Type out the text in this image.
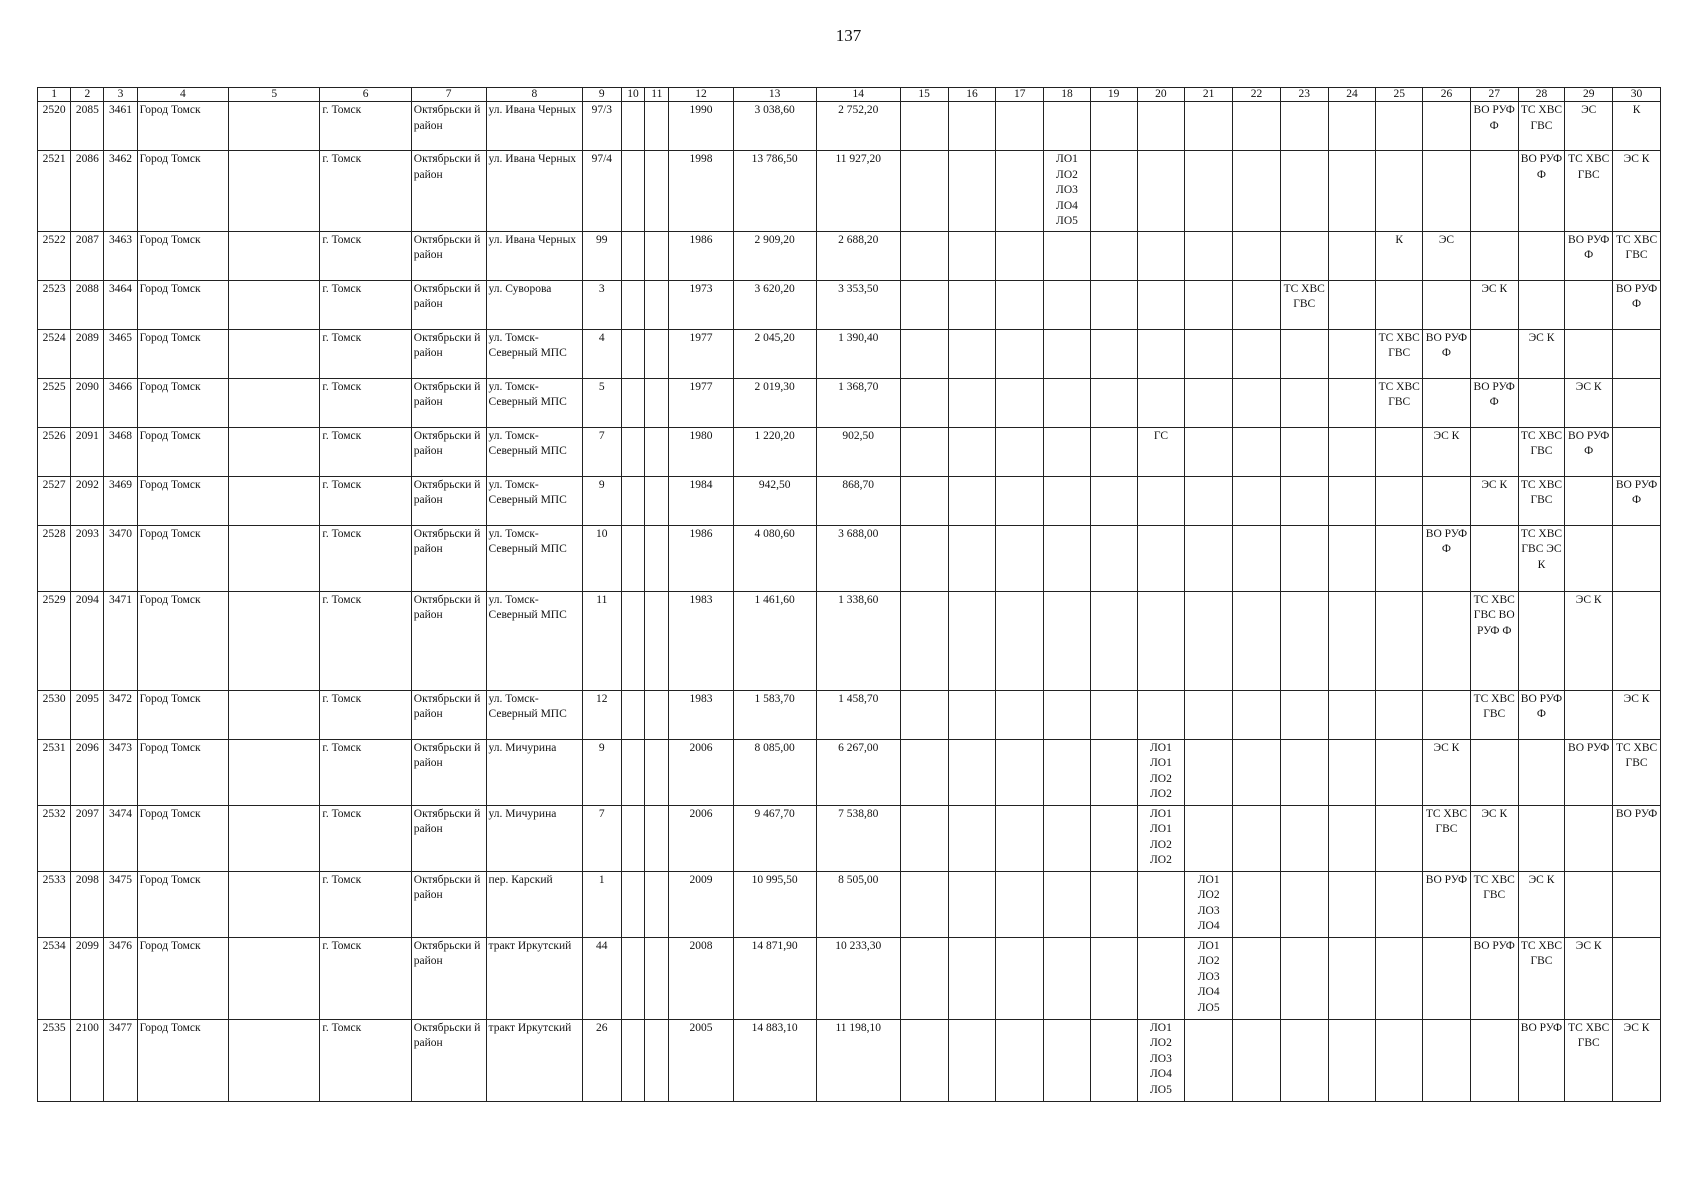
137
1	2	3	4	5	6	7	8	9	10	11	12	13	14	15	16	17	18	19	20	21	22	23	24	25	26	27	28	29	30
2520	2085	3461	Город Томск		г. Томск	Октябрьски й район	ул. Ивана Черных	97/3			1990	3 038,60	2 752,20													ВО РУФ Ф	ТС ХВС ГВС	ЭС	К
2521	2086	3462	Город Томск		г. Томск	Октябрьски й район	ул. Ивана Черных	97/4			1998	13 786,50	11 927,20				ЛО1 ЛО2 ЛО3 ЛО4 ЛО5										ВО РУФ Ф	ТС ХВС ГВС	ЭС К
2522	2087	3463	Город Томск		г. Томск	Октябрьски й район	ул. Ивана Черных	99			1986	2 909,20	2 688,20											К	ЭС			ВО РУФ Ф	ТС ХВС ГВС
2523	2088	3464	Город Томск		г. Томск	Октябрьски й район	ул. Суворова	3			1973	3 620,20	3 353,50									ТС ХВС ГВС				ЭС К			ВО РУФ Ф
2524	2089	3465	Город Томск		г. Томск	Октябрьски й район	ул. Томск- Северный МПС	4			1977	2 045,20	1 390,40											ТС ХВС ГВС	ВО РУФ Ф		ЭС К		
2525	2090	3466	Город Томск		г. Томск	Октябрьски й район	ул. Томск- Северный МПС	5			1977	2 019,30	1 368,70											ТС ХВС ГВС		ВО РУФ Ф		ЭС К	
2526	2091	3468	Город Томск		г. Томск	Октябрьски й район	ул. Томск- Северный МПС	7			1980	1 220,20	902,50						ГС						ЭС К		ТС ХВС ГВС	ВО РУФ Ф	
2527	2092	3469	Город Томск		г. Томск	Октябрьски й район	ул. Томск- Северный МПС	9			1984	942,50	868,70													ЭС К	ТС ХВС ГВС		ВО РУФ Ф
2528	2093	3470	Город Томск		г. Томск	Октябрьски й район	ул. Томск- Северный МПС	10			1986	4 080,60	3 688,00												ВО РУФ Ф		ТС ХВС ГВС ЭС К		
2529	2094	3471	Город Томск		г. Томск	Октябрьски й район	ул. Томск- Северный МПС	11			1983	1 461,60	1 338,60													ТС ХВС ГВС ВО РУФ Ф		ЭС К	
2530	2095	3472	Город Томск		г. Томск	Октябрьски й район	ул. Томск- Северный МПС	12			1983	1 583,70	1 458,70													ТС ХВС ГВС	ВО РУФ Ф		ЭС К
2531	2096	3473	Город Томск		г. Томск	Октябрьски й район	ул. Мичурина	9			2006	8 085,00	6 267,00						ЛО1 ЛО1 ЛО2 ЛО2						ЭС К			ВО РУФ	ТС ХВС ГВС
2532	2097	3474	Город Томск		г. Томск	Октябрьски й район	ул. Мичурина	7			2006	9 467,70	7 538,80						ЛО1 ЛО1 ЛО2 ЛО2						ТС ХВС ГВС	ЭС К			ВО РУФ
2533	2098	3475	Город Томск		г. Томск	Октябрьски й район	пер. Карский	1			2009	10 995,50	8 505,00							ЛО1 ЛО2 ЛО3 ЛО4					ВО РУФ	ТС ХВС ГВС	ЭС К		
2534	2099	3476	Город Томск		г. Томск	Октябрьски й район	тракт Иркутский	44			2008	14 871,90	10 233,30							ЛО1 ЛО2 ЛО3 ЛО4 ЛО5						ВО РУФ	ТС ХВС ГВС	ЭС К	
2535	2100	3477	Город Томск		г. Томск	Октябрьски й район	тракт Иркутский	26			2005	14 883,10	11 198,10						ЛО1 ЛО2 ЛО3 ЛО4 ЛО5								ВО РУФ	ТС ХВС ГВС	ЭС К
